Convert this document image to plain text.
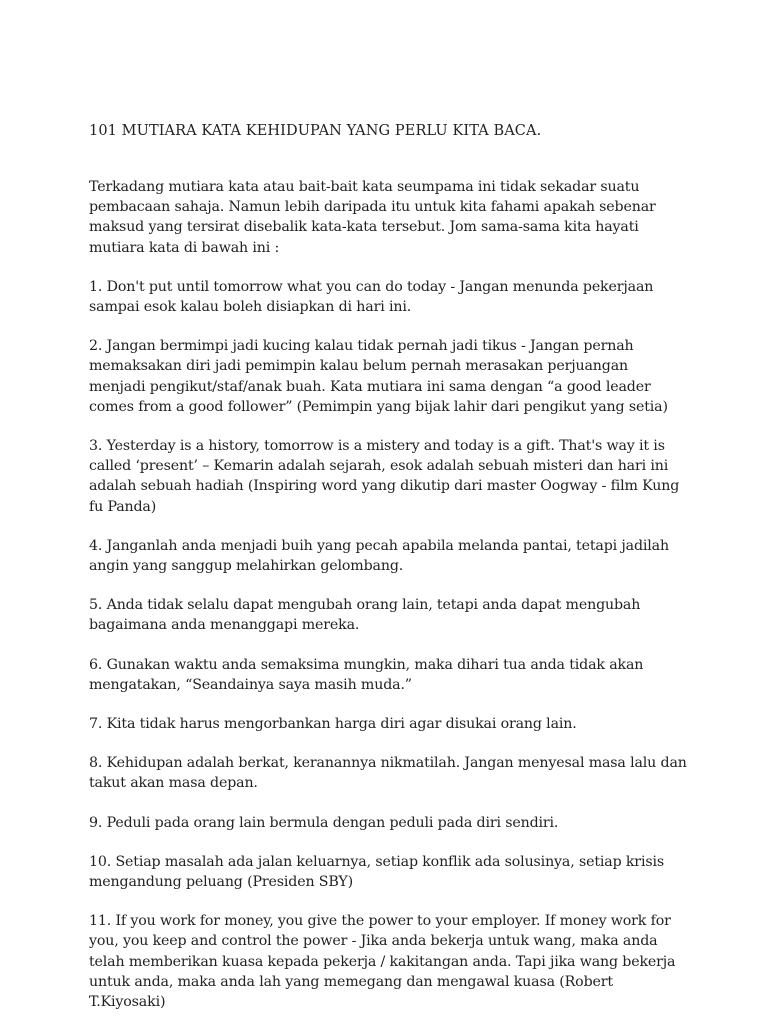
101 MUTIARA KATA KEHIDUPAN YANG PERLU KITA BACA.

Terkadang mutiara kata atau bait-bait kata seumpama ini tidak sekadar suatu pembacaan sahaja. Namun lebih daripada itu untuk kita fahami apakah sebenar maksud yang tersirat disebalik kata-kata tersebut. Jom sama-sama kita hayati mutiara kata di bawah ini :

1. Don't put until tomorrow what you can do today - Jangan menunda pekerjaan sampai esok kalau boleh disiapkan di hari ini.

2. Jangan bermimpi jadi kucing kalau tidak pernah jadi tikus - Jangan pernah memaksakan diri jadi pemimpin kalau belum pernah merasakan perjuangan menjadi pengikut/staf/anak buah. Kata mutiara ini sama dengan “a good leader comes from a good follower” (Pemimpin yang bijak lahir dari pengikut yang setia)

3. Yesterday is a history, tomorrow is a mistery and today is a gift. That's way it is called ‘present’ – Kemarin adalah sejarah, esok adalah sebuah misteri dan hari ini adalah sebuah hadiah (Inspiring word yang dikutip dari master Oogway - film Kung fu Panda)

4. Janganlah anda menjadi buih yang pecah apabila melanda pantai, tetapi jadilah angin yang sanggup melahirkan gelombang.

5. Anda tidak selalu dapat mengubah orang lain, tetapi anda dapat mengubah bagaimana anda menanggapi mereka.

6. Gunakan waktu anda semaksima mungkin, maka dihari tua anda tidak akan mengatakan, “Seandainya saya masih muda.”

7. Kita tidak harus mengorbankan harga diri agar disukai orang lain.

8. Kehidupan adalah berkat, keranannya nikmatilah. Jangan menyesal masa lalu dan takut akan masa depan.

9. Peduli pada orang lain bermula dengan peduli pada diri sendiri.

10. Setiap masalah ada jalan keluarnya, setiap konflik ada solusinya, setiap krisis mengandung peluang (Presiden SBY)

11. If you work for money, you give the power to your employer. If money work for you, you keep and control the power - Jika anda bekerja untuk wang, maka anda telah memberikan kuasa kepada pekerja / kakitangan anda. Tapi jika wang bekerja untuk anda, maka anda lah yang memegang dan mengawal kuasa (Robert T.Kiyosaki)
